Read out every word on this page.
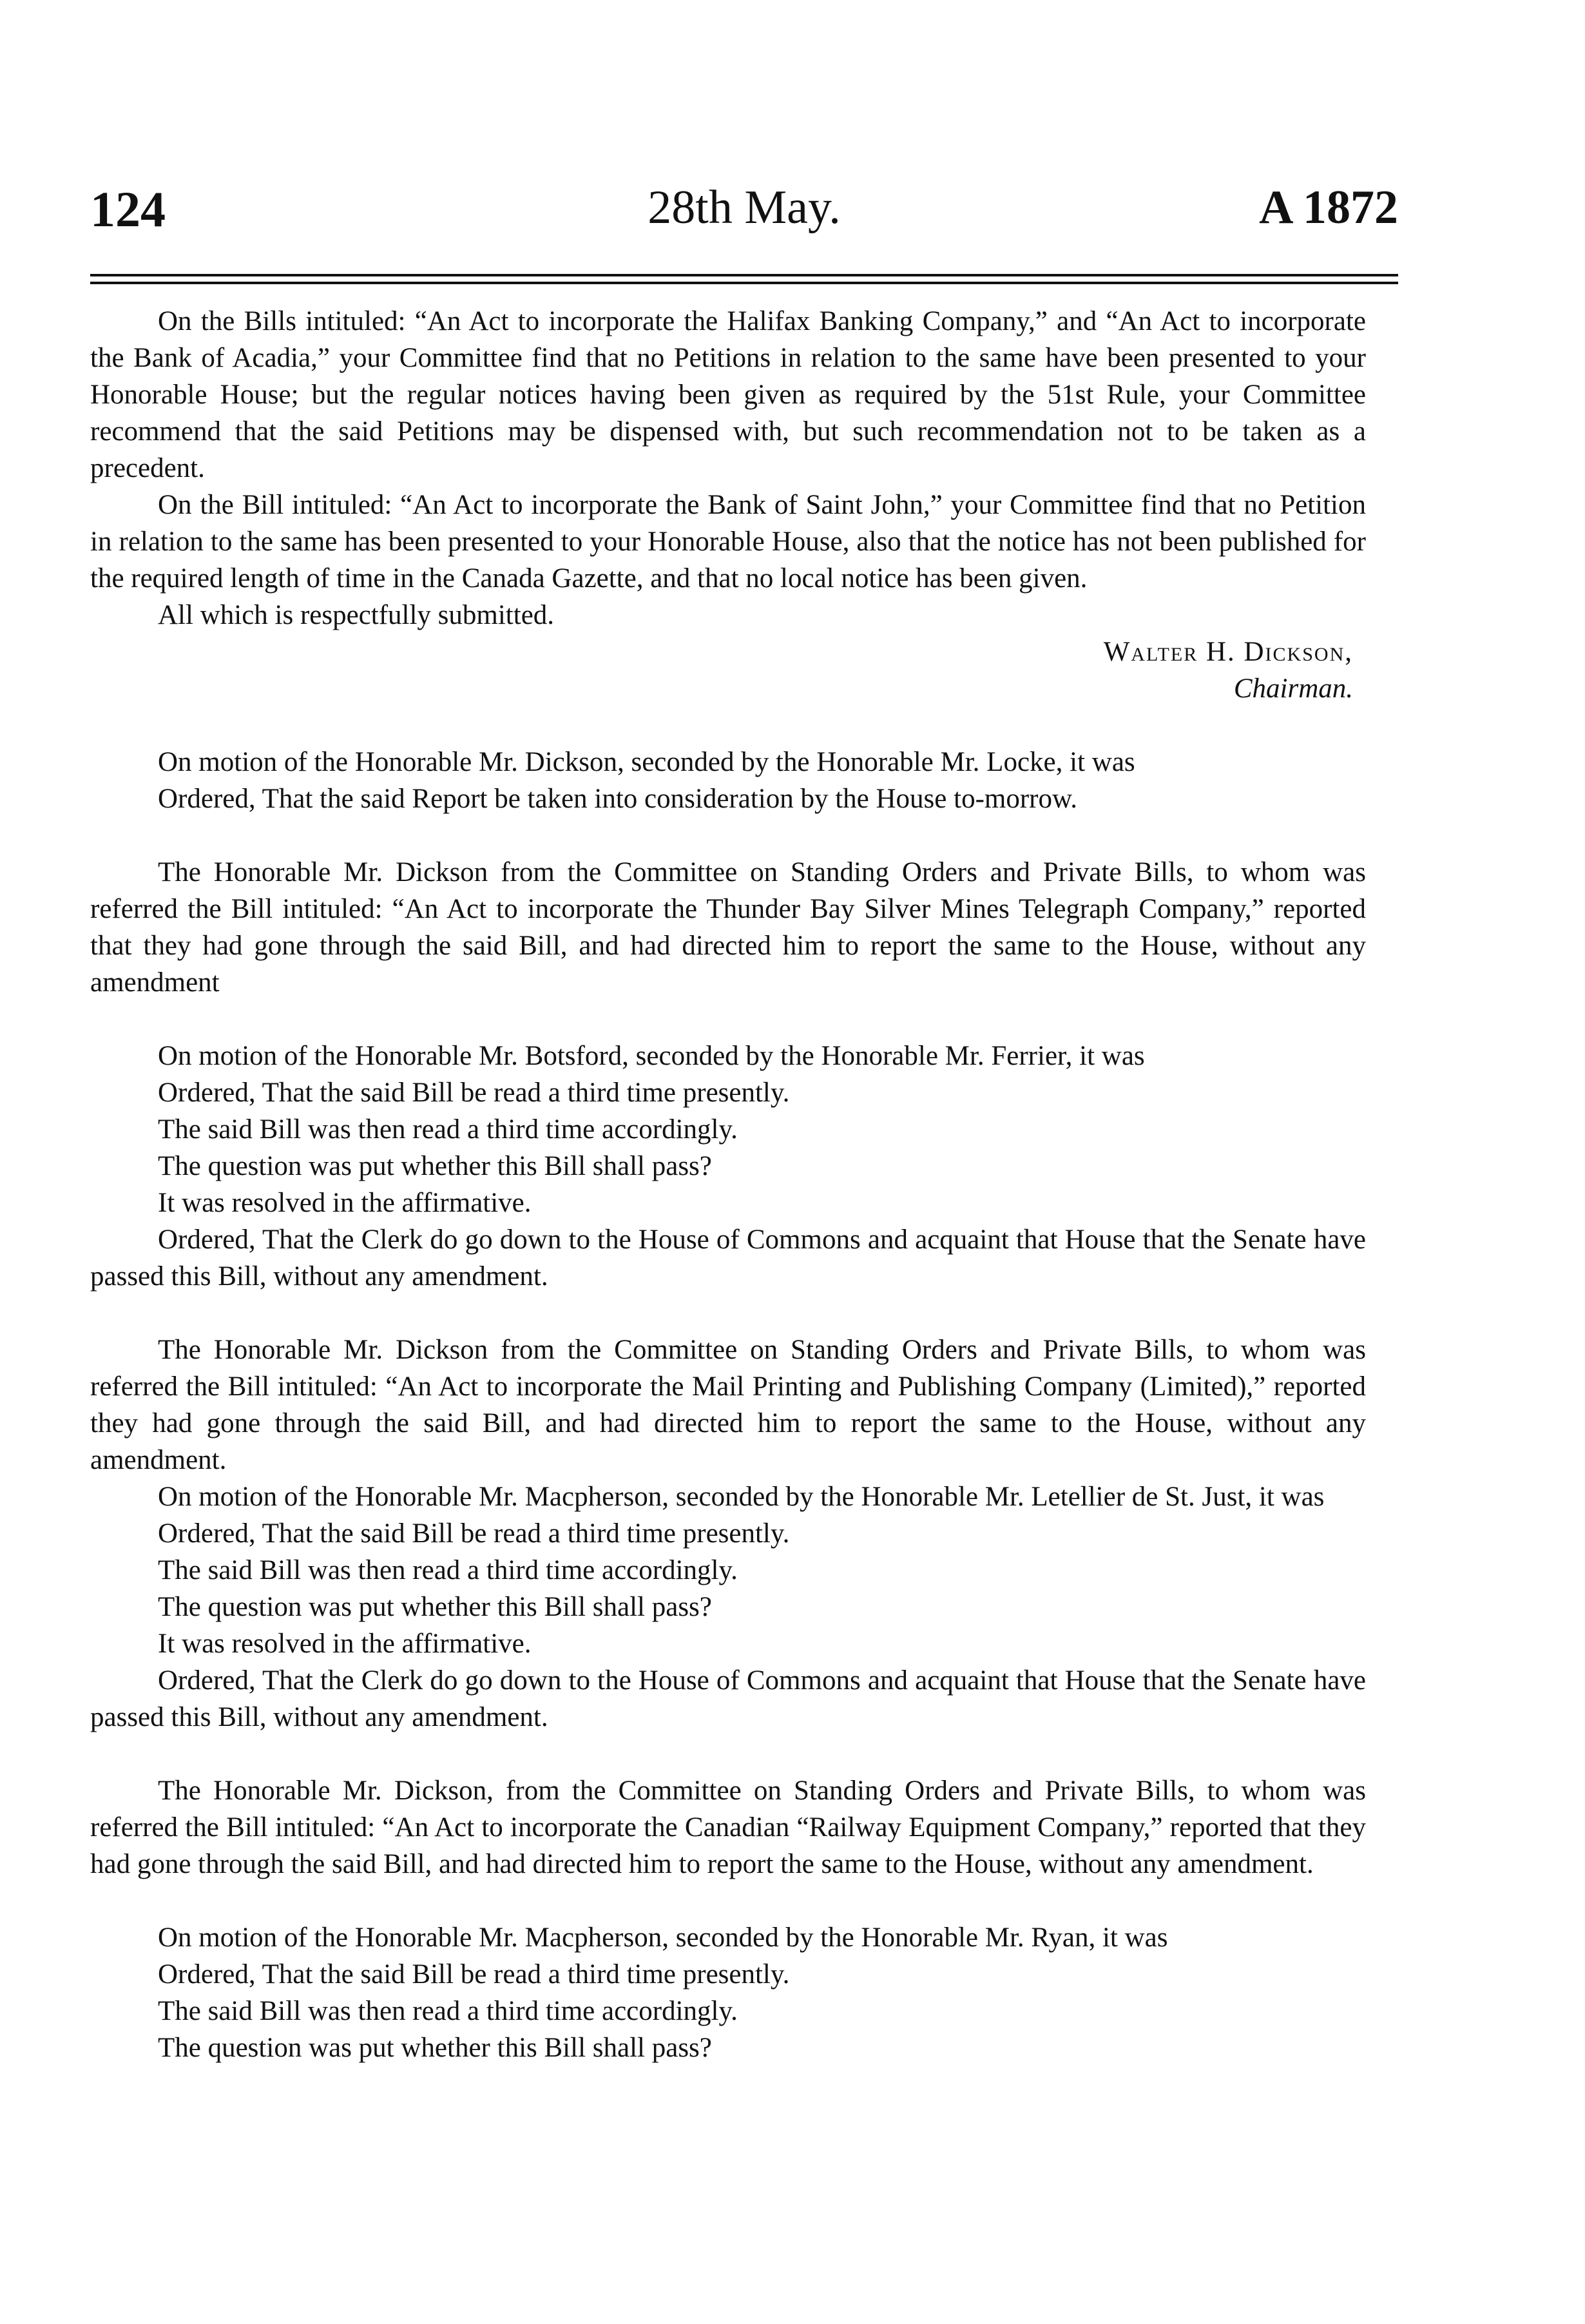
124	28th May.	A 1872

On the Bills intituled: “An Act to incorporate the Halifax Banking Company,” and “An Act to incorporate the Bank of Acadia,” your Committee find that no Petitions in relation to the same have been presented to your Honorable House; but the regular notices having been given as required by the 51st Rule, your Committee recommend that the said Petitions may be dispensed with, but such recommendation not to be taken as a precedent.

On the Bill intituled: “An Act to incorporate the Bank of Saint John,” your Committee find that no Petition in relation to the same has been presented to your Honorable House, also that the notice has not been published for the required length of time in the Canada Gazette, and that no local notice has been given.

All which is respectfully submitted.

Walter H. Dickson,

Chairman.

On motion of the Honorable Mr. Dickson, seconded by the Honorable Mr. Locke, it was

Ordered, That the said Report be taken into consideration by the House to-morrow.

The Honorable Mr. Dickson from the Committee on Standing Orders and Private Bills, to whom was referred the Bill intituled: “An Act to incorporate the Thunder Bay Silver Mines Telegraph Company,” reported that they had gone through the said Bill, and had directed him to report the same to the House, without any amendment

On motion of the Honorable Mr. Botsford, seconded by the Honorable Mr. Ferrier, it was

Ordered, That the said Bill be read a third time presently.

The said Bill was then read a third time accordingly.

The question was put whether this Bill shall pass?

It was resolved in the affirmative.

Ordered, That the Clerk do go down to the House of Commons and acquaint that House that the Senate have passed this Bill, without any amendment.

The Honorable Mr. Dickson from the Committee on Standing Orders and Private Bills, to whom was referred the Bill intituled: “An Act to incorporate the Mail Printing and Publishing Company (Limited),” reported they had gone through the said Bill, and had directed him to report the same to the House, without any amendment.

On motion of the Honorable Mr. Macpherson, seconded by the Honorable Mr. Letellier de St. Just, it was

Ordered, That the said Bill be read a third time presently.

The said Bill was then read a third time accordingly.

The question was put whether this Bill shall pass?

It was resolved in the affirmative.

Ordered, That the Clerk do go down to the House of Commons and acquaint that House that the Senate have passed this Bill, without any amendment.

The Honorable Mr. Dickson, from the Committee on Standing Orders and Private Bills, to whom was referred the Bill intituled: “An Act to incorporate the Canadian “Railway Equipment Company,” reported that they had gone through the said Bill, and had directed him to report the same to the House, without any amendment.

On motion of the Honorable Mr. Macpherson, seconded by the Honorable Mr. Ryan, it was

Ordered, That the said Bill be read a third time presently.

The said Bill was then read a third time accordingly.

The question was put whether this Bill shall pass?
